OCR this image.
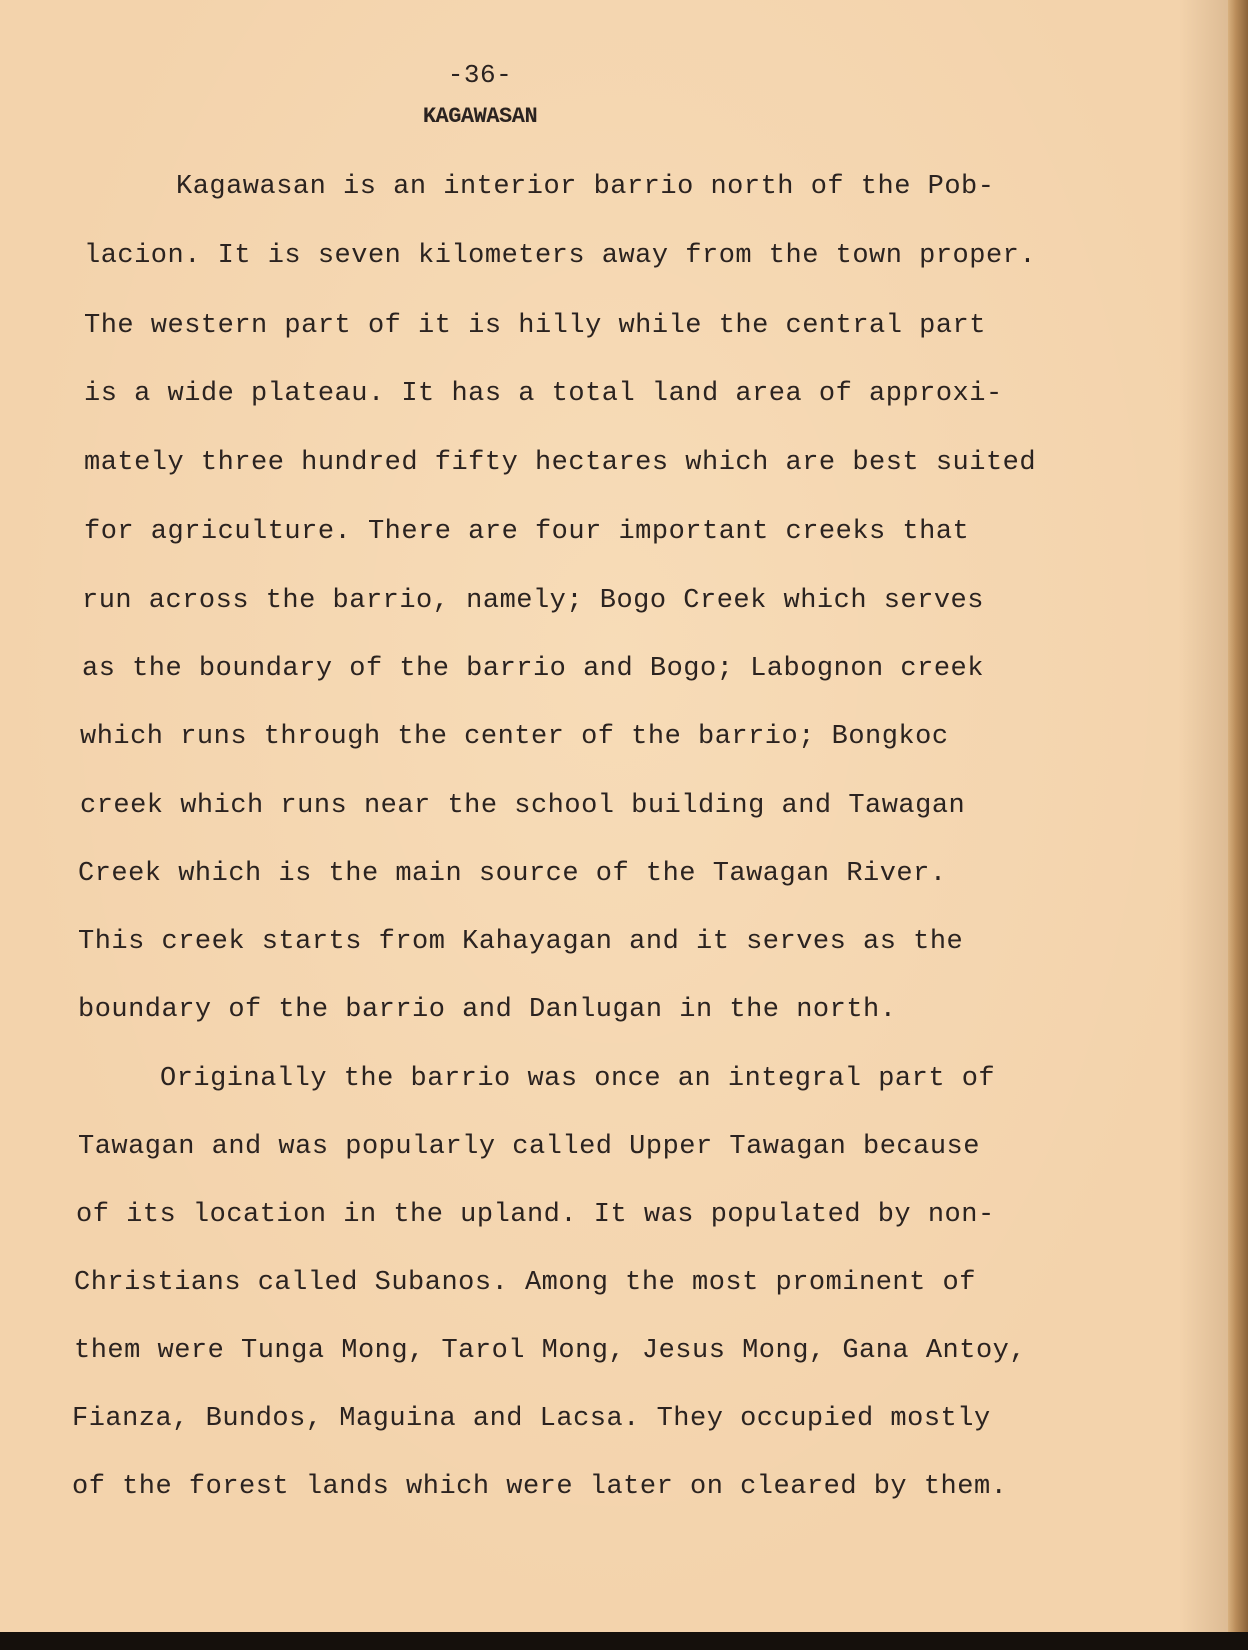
-36-
KAGAWASAN
Kagawasan is an interior barrio north of the Pob-
lacion. It is seven kilometers away from the town proper.
The western part of it is hilly while the central part
is a wide plateau. It has a total land area of approxi-
mately three hundred fifty hectares which are best suited
for agriculture. There are four important creeks that
run across the barrio, namely; Bogo Creek which serves
as the boundary of the barrio and Bogo; Labognon creek
which runs through the center of the barrio; Bongkoc
creek which runs near the school building and Tawagan
Creek which is the main source of the Tawagan River.
This creek starts from Kahayagan and it serves as the
boundary of the barrio and Danlugan in the north.
Originally the barrio was once an integral part of
Tawagan and was popularly called Upper Tawagan because
of its location in the upland. It was populated by non-
Christians called Subanos. Among the most prominent of
them were Tunga Mong, Tarol Mong, Jesus Mong, Gana Antoy,
Fianza, Bundos, Maguina and Lacsa. They occupied mostly
of the forest lands which were later on cleared by them.
